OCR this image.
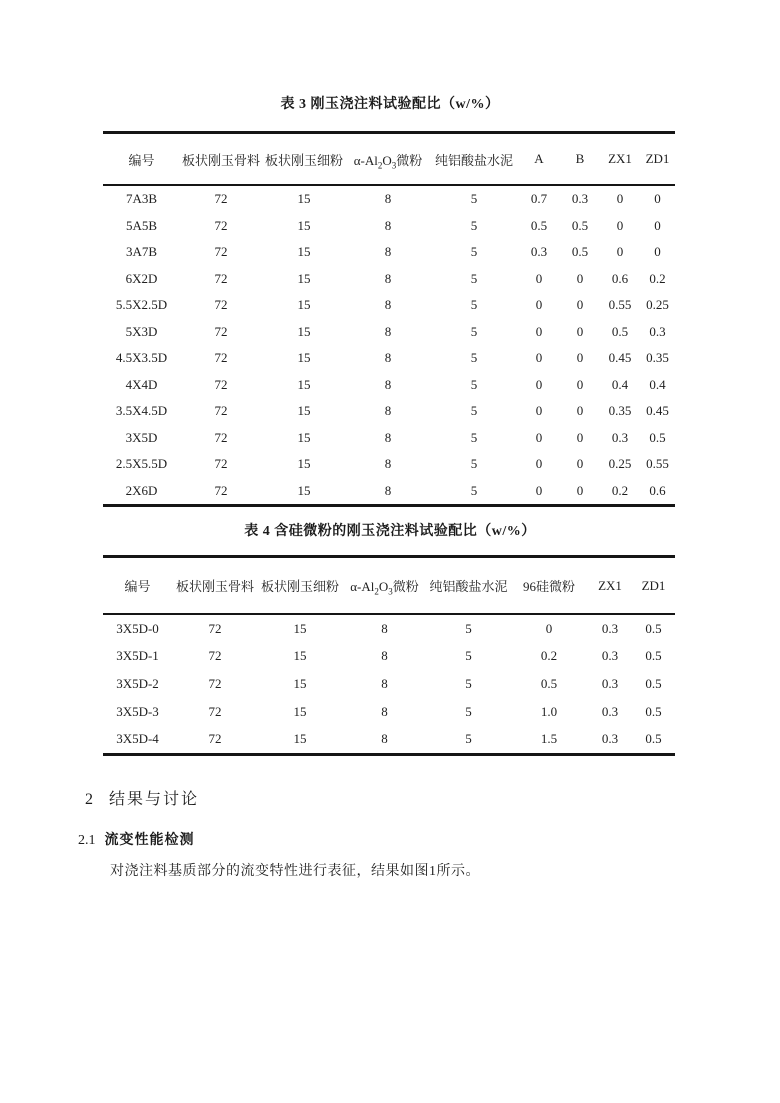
表 3 刚玉浇注料试验配比（w/%）
编号	板状刚玉骨料	板状刚玉细粉	$\alpha-Al_2O_3$微粉	纯铝酸盐水泥	A	B	ZX1	ZD1
7A3B	72	15	8	5	0.7	0.3	0	0
5A5B	72	15	8	5	0.5	0.5	0	0
3A7B	72	15	8	5	0.3	0.5	0	0
6X2D	72	15	8	5	0	0	0.6	0.2
5.5X2.5D	72	15	8	5	0	0	0.55	0.25
5X3D	72	15	8	5	0	0	0.5	0.3
4.5X3.5D	72	15	8	5	0	0	0.45	0.35
4X4D	72	15	8	5	0	0	0.4	0.4
3.5X4.5D	72	15	8	5	0	0	0.35	0.45
3X5D	72	15	8	5	0	0	0.3	0.5
2.5X5.5D	72	15	8	5	0	0	0.25	0.55
2X6D	72	15	8	5	0	0	0.2	0.6
表 4 含硅微粉的刚玉浇注料试验配比（w/%）
编号	板状刚玉骨料	板状刚玉细粉	$\alpha-Al_2O_3$微粉	纯铝酸盐水泥	96硅微粉	ZX1	ZD1
3X5D-0	72	15	8	5	0	0.3	0.5
3X5D-1	72	15	8	5	0.2	0.3	0.5
3X5D-2	72	15	8	5	0.5	0.3	0.5
3X5D-3	72	15	8	5	1.0	0.3	0.5
3X5D-4	72	15	8	5	1.5	0.3	0.5
2 结果与讨论
2.1 流变性能检测

对浇注料基质部分的流变特性进行表征，结果如图1所示。
